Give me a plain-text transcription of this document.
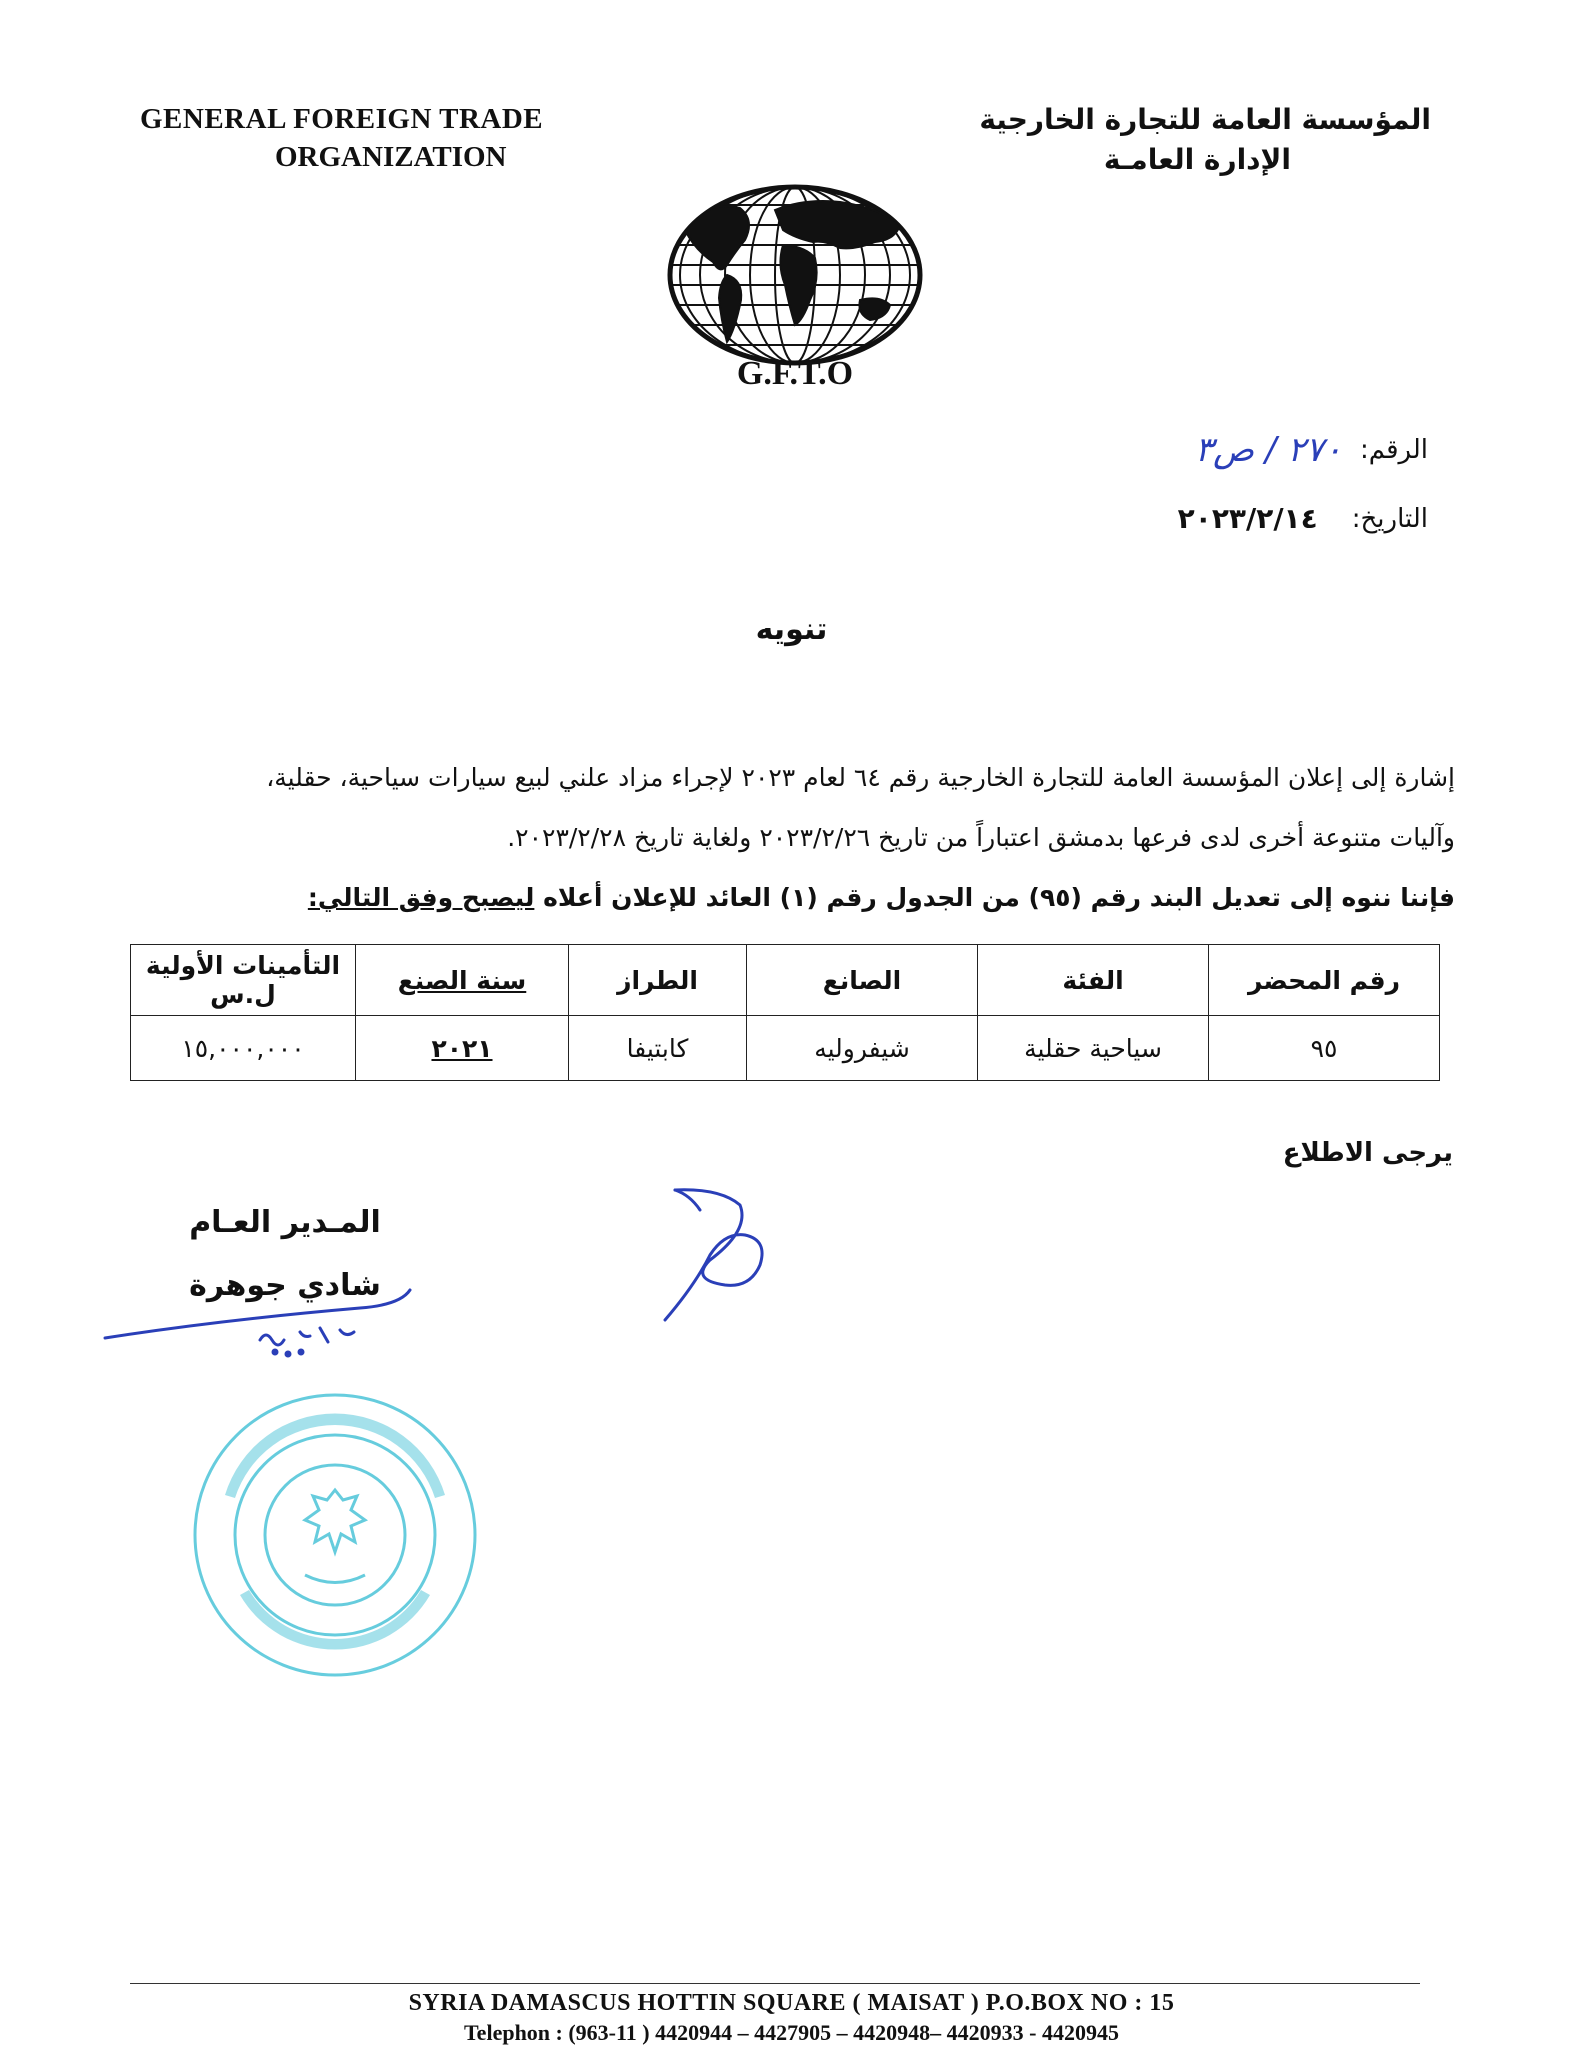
GENERAL FOREIGN TRADE
ORGANIZATION
المؤسسة العامة للتجارة الخارجية
الإدارة العامـة
G.F.T.O
الرقم:
٢٧٠ / ص٣
التاريخ:
٢٠٢٣/٢/١٤
تنويه
إشارة إلى إعلان المؤسسة العامة للتجارة الخارجية رقم ٦٤ لعام ٢٠٢٣ لإجراء مزاد علني لبيع سيارات سياحية، حقلية،
وآليات متنوعة أخرى لدى فرعها بدمشق اعتباراً من تاريخ ٢٠٢٣/٢/٢٦ ولغاية تاريخ ٢٠٢٣/٢/٢٨.
فإننا ننوه إلى تعديل البند رقم (٩٥) من الجدول رقم (١) العائد للإعلان أعلاه ليصبح وفق التالي:
رقم المحضر	الفئة	الصانع	الطراز	سنة الصنع	التأمينات الأولية ل.س
٩٥	سياحية حقلية	شيفروليه	كابتيفا	٢٠٢١	١٥,٠٠٠,٠٠٠
يرجى الاطلاع
المـدير العـام
شادي جوهرة
SYRIA DAMASCUS HOTTIN SQUARE ( MAISAT ) P.O.BOX NO : 15
Telephon : (963-11 ) 4420944 – 4427905 – 4420948– 4420933 - 4420945
